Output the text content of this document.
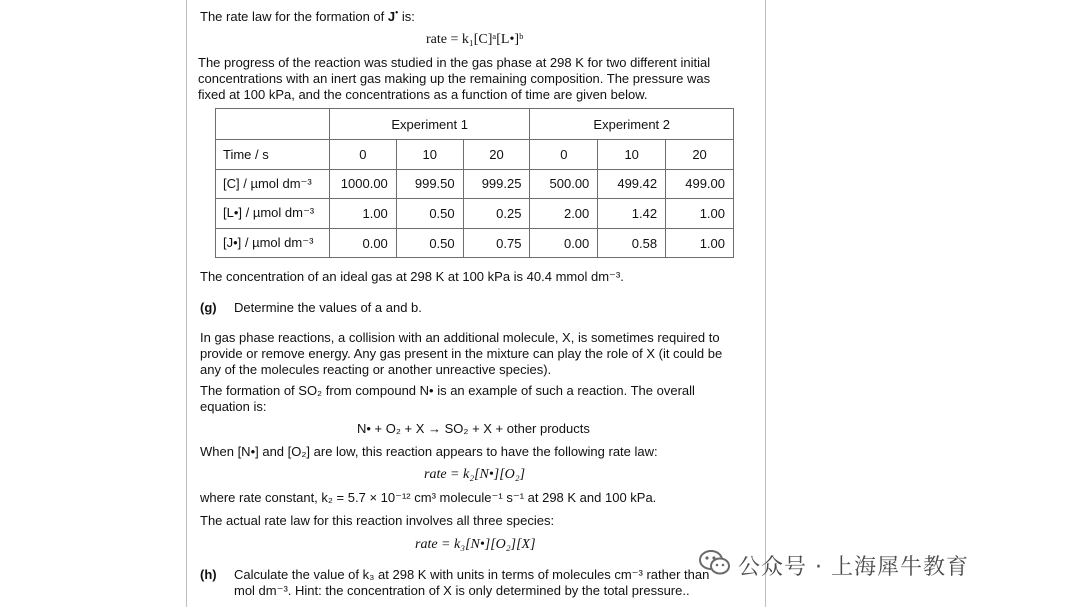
The rate law for the formation of J• is:
rate = k₁[C]ᵃ[L•]ᵇ
The progress of the reaction was studied in the gas phase at 298 K for two different initial
concentrations with an inert gas making up the remaining composition. The pressure was
fixed at 100 kPa, and the concentrations as a function of time are given below.
	Experiment 1			Experiment 2		
Time / s	0	10	20	0	10	20
[C] / µmol dm⁻³	1000.00	999.50	999.25	500.00	499.42	499.00
[L•] / µmol dm⁻³	1.00	0.50	0.25	2.00	1.42	1.00
[J•] / µmol dm⁻³	0.00	0.50	0.75	0.00	0.58	1.00
The concentration of an ideal gas at 298 K at 100 kPa is 40.4 mmol dm⁻³.
(g) Determine the values of a and b.
In gas phase reactions, a collision with an additional molecule, X, is sometimes required to
provide or remove energy. Any gas present in the mixture can play the role of X (it could be
any of the molecules reacting or another unreactive species).
The formation of SO₂ from compound N• is an example of such a reaction. The overall
equation is:
N• + O₂ + X → SO₂ + X + other products
When [N•] and [O₂] are low, this reaction appears to have the following rate law:
rate = k₂[N•][O₂]
where rate constant, k₂ = 5.7 × 10⁻¹² cm³ molecule⁻¹ s⁻¹ at 298 K and 100 kPa.
The actual rate law for this reaction involves all three species:
rate = k₃[N•][O₂][X]
(h) Calculate the value of k₃ at 298 K with units in terms of molecules cm⁻³ rather than
mol dm⁻³. Hint: the concentration of X is only determined by the total pressure..
公众号 · 上海犀牛教育
